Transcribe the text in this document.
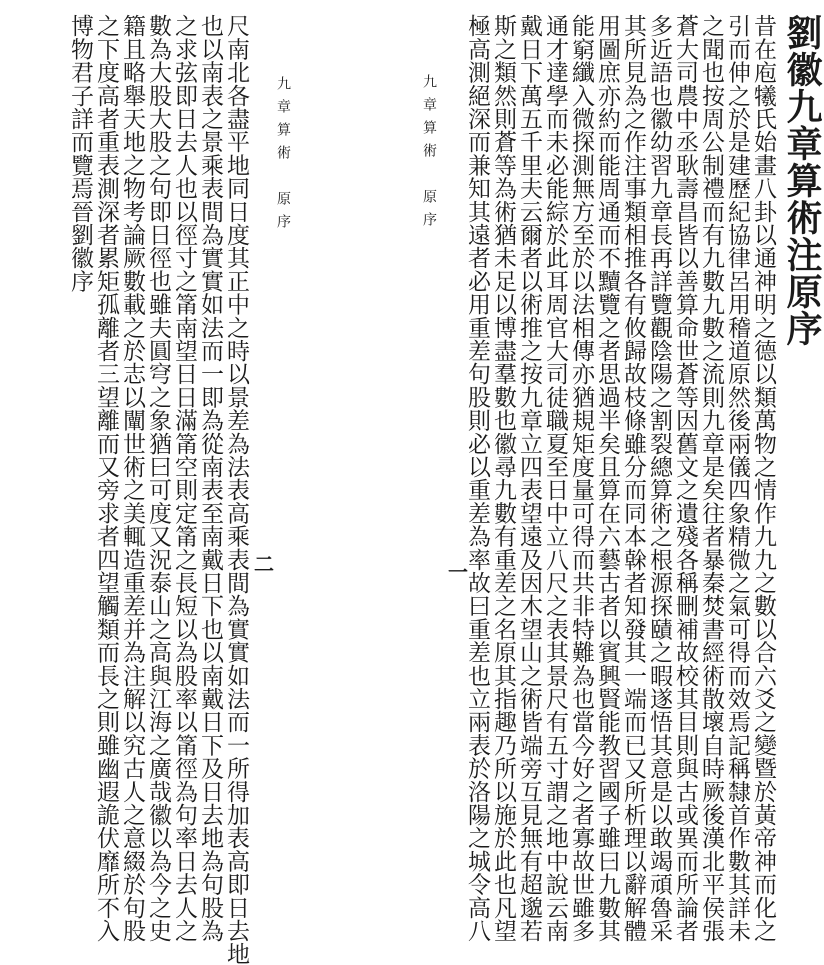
劉徽九章算術注原序
昔在庖犧氏始畫八卦以通神明之德以類萬物之情作九九之數以合六爻之變暨於黃帝神而化之
引而伸之於是建歷紀協律呂用稽道原然後兩儀四象精微之氣可得而效焉記稱隸首作數其詳未
之聞也按周公制禮而有九數九數之流則九章是矣往者暴秦焚書經術散壞自時厥後漢北平侯張
蒼大司農中丞耿壽昌皆以善算命世蒼等因舊文之遺殘各稱刪補故校其目則與古或異而所論者
多近語也徽幼習九章長再詳覽觀陰陽之割裂總算術之根源探賾之暇遂悟其意是以敢竭頑魯采
其所見為之作注事類相推各有攸歸故枝條雖分而同本榦者知發其一端而已又所析理以辭解體
用圖庶亦約而能周通而不黷覽之者思過半矣且算在六藝古者以賓興賢能教習國子雖曰九數其
能窮纖入微探測無方至於以法相傳亦猶規矩度量可得而共非特難為也當今好之者寡故世雖多
通才達學而未必能綜於此耳周官大司徒職夏至日中立八尺之表其景尺有五寸謂之地中說云南
戴日下萬五千里夫云爾者以術推之按九章立四表望遠及因木望山之術皆端旁互見無有超邈若
斯之類然則蒼等為術猶未足以博盡羣數也徽尋九數有重差之名原其指趣乃所以施於此也凡望
極高測絕深而兼知其遠者必用重差句股則必以重差為率故曰重差也立兩表於洛陽之城令高八
九章算術　原序
一
九章算術　原序
二
尺南北各盡平地同日度其正中之時以景差為法表高乘表間為實實如法而一所得加表高即日去地
也以南表之景乘表間為實實如法而一即為從南表至南戴日下也以南戴日下及日去地為句股為
之求弦即日去人也以徑寸之筩南望日日滿筩空則定筩之長短以為股率以筩徑為句率日去人之
數為大股大股之句即日徑也雖夫圓穹之象猶曰可度又況泰山之高與江海之廣哉徽以為今之史
籍且略舉天地之物考論厥數載之於志以闡世術之美輒造重差并為注解以究古人之意綴於句股
之下度高者重表測深者累矩孤離者三望離而又旁求者四望觸類而長之則雖幽遐詭伏靡所不入
博物君子詳而覽焉晉劉徽序
